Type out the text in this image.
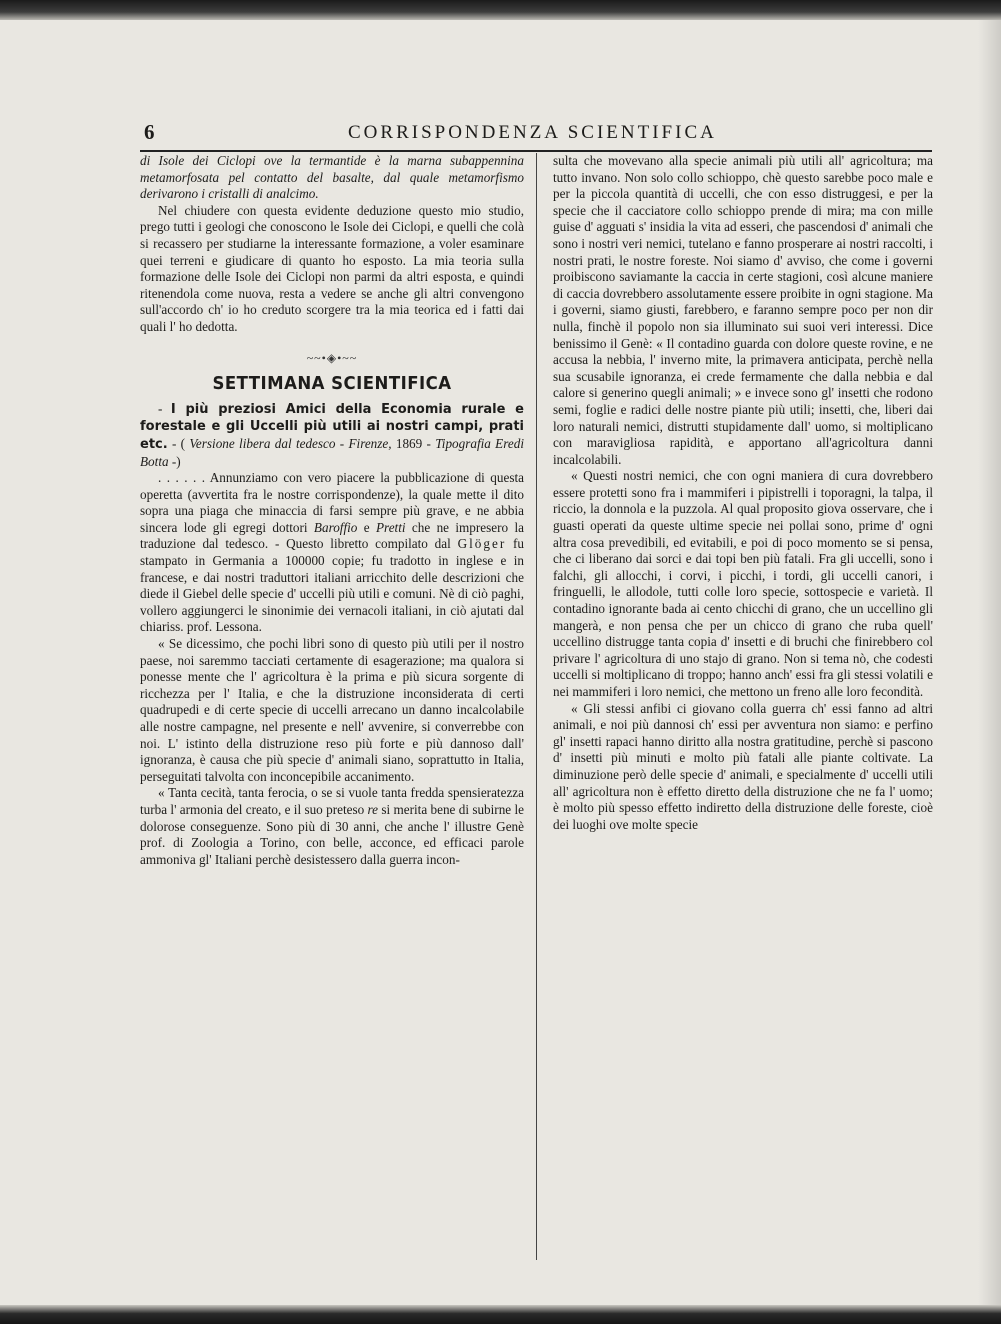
6	CORRISPONDENZA SCIENTIFICA

di Isole dei Ciclopi ove la termantide è la marna subappennina metamorfosata pel contatto del basalte, dal quale metamorfismo derivarono i cristalli di analcimo.

Nel chiudere con questa evidente deduzione questo mio studio, prego tutti i geologi che conoscono le Isole dei Ciclopi, e quelli che colà si recassero per studiarne la interessante formazione, a voler esaminare quei terreni e giudicare di quanto ho esposto. La mia teoria sulla formazione delle Isole dei Ciclopi non parmi da altri esposta, e quindi ritenendola come nuova, resta a vedere se anche gli altri convengono sull'accordo ch' io ho creduto scorgere tra la mia teorica ed i fatti dai quali l' ho dedotta.

~~•◈•~~
SETTIMANA SCIENTIFICA

- I più preziosi Amici della Economia rurale e forestale e gli Uccelli più utili ai nostri campi, prati etc. - ( Versione libera dal tedesco - Firenze, 1869 - Tipografia Eredi Botta -)

. . . . . . Annunziamo con vero piacere la pubblicazione di questa operetta (avvertita fra le nostre corrispondenze), la quale mette il dito sopra una piaga che minaccia di farsi sempre più grave, e ne abbia sincera lode gli egregi dottori Baroffio e Pretti che ne impresero la traduzione dal tedesco. - Questo libretto compilato dal Glöger fu stampato in Germania a 100000 copie; fu tradotto in inglese e in francese, e dai nostri traduttori italiani arricchito delle descrizioni che diede il Giebel delle specie d' uccelli più utili e comuni. Nè di ciò paghi, vollero aggiungerci le sinonimie dei vernacoli italiani, in ciò ajutati dal chiariss. prof. Lessona.

« Se dicessimo, che pochi libri sono di questo più utili per il nostro paese, noi saremmo tacciati certamente di esagerazione; ma qualora si ponesse mente che l' agricoltura è la prima e più sicura sorgente di ricchezza per l' Italia, e che la distruzione inconsiderata di certi quadrupedi e di certe specie di uccelli arrecano un danno incalcolabile alle nostre campagne, nel presente e nell' avvenire, si converrebbe con noi. L' istinto della distruzione reso più forte e più dannoso dall' ignoranza, è causa che più specie d' animali siano, soprattutto in Italia, perseguitati talvolta con inconcepibile accanimento.

« Tanta cecità, tanta ferocia, o se si vuole tanta fredda spensieratezza turba l' armonia del creato, e il suo preteso re si merita bene di subirne le dolorose conseguenze. Sono più di 30 anni, che anche l' illustre Genè prof. di Zoologia a Torino, con belle, acconce, ed efficaci parole ammoniva gl' Italiani perchè desistessero dalla guerra incon-

sulta che movevano alla specie animali più utili all' agricoltura; ma tutto invano. Non solo collo schioppo, chè questo sarebbe poco male e per la piccola quantità di uccelli, che con esso distruggesi, e per la specie che il cacciatore collo schioppo prende di mira; ma con mille guise d' agguati s' insidia la vita ad esseri, che pascendosi d' animali che sono i nostri veri nemici, tutelano e fanno prosperare ai nostri raccolti, i nostri prati, le nostre foreste. Noi siamo d' avviso, che come i governi proibiscono saviamante la caccia in certe stagioni, così alcune maniere di caccia dovrebbero assolutamente essere proibite in ogni stagione. Ma i governi, siamo giusti, farebbero, e faranno sempre poco per non dir nulla, finchè il popolo non sia illuminato sui suoi veri interessi. Dice benissimo il Genè: « Il contadino guarda con dolore queste rovine, e ne accusa la nebbia, l' inverno mite, la primavera anticipata, perchè nella sua scusabile ignoranza, ei crede fermamente che dalla nebbia e dal calore si generino quegli animali; » e invece sono gl' insetti che rodono semi, foglie e radici delle nostre piante più utili; insetti, che, liberi dai loro naturali nemici, distrutti stupidamente dall' uomo, si moltiplicano con maravigliosa rapidità, e apportano all'agricoltura danni incalcolabili.

« Questi nostri nemici, che con ogni maniera di cura dovrebbero essere protetti sono fra i mammiferi i pipistrelli i toporagni, la talpa, il riccio, la donnola e la puzzola. Al qual proposito giova osservare, che i guasti operati da queste ultime specie nei pollai sono, prime d' ogni altra cosa prevedibili, ed evitabili, e poi di poco momento se si pensa, che ci liberano dai sorci e dai topi ben più fatali. Fra gli uccelli, sono i falchi, gli allocchi, i corvi, i picchi, i tordi, gli uccelli canori, i fringuelli, le allodole, tutti colle loro specie, sottospecie e varietà. Il contadino ignorante bada ai cento chicchi di grano, che un uccellino gli mangerà, e non pensa che per un chicco di grano che ruba quell' uccellino distrugge tanta copia d' insetti e di bruchi che finirebbero col privare l' agricoltura di uno stajo di grano. Non si tema nò, che codesti uccelli si moltiplicano di troppo; hanno anch' essi fra gli stessi volatili e nei mammiferi i loro nemici, che mettono un freno alle loro fecondità.

« Gli stessi anfibi ci giovano colla guerra ch' essi fanno ad altri animali, e noi più dannosi ch' essi per avventura non siamo: e perfino gl' insetti rapaci hanno diritto alla nostra gratitudine, perchè si pascono d' insetti più minuti e molto più fatali alle piante coltivate. La diminuzione però delle specie d' animali, e specialmente d' uccelli utili all' agricoltura non è effetto diretto della distruzione che ne fa l' uomo; è molto più spesso effetto indiretto della distruzione delle foreste, cioè dei luoghi ove molte specie
